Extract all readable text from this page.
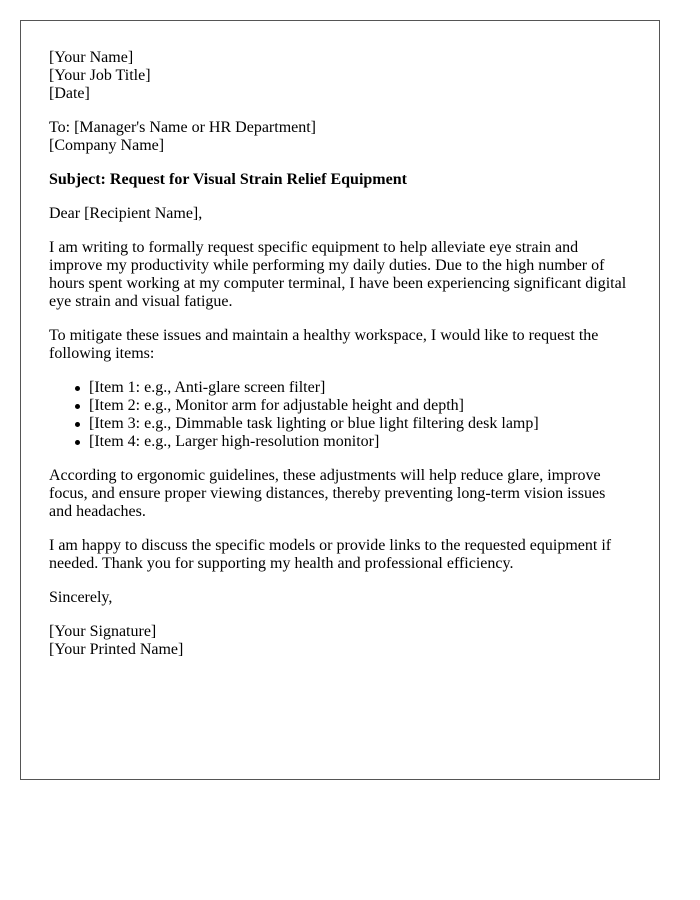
[Your Name]
[Your Job Title]
[Date]
To: [Manager's Name or HR Department]
[Company Name]
Subject: Request for Visual Strain Relief Equipment

Dear [Recipient Name],

I am writing to formally request specific equipment to help alleviate eye strain and improve my productivity while performing my daily duties. Due to the high number of hours spent working at my computer terminal, I have been experiencing significant digital eye strain and visual fatigue.

To mitigate these issues and maintain a healthy workspace, I would like to request the following items:

[Item 1: e.g., Anti-glare screen filter]
[Item 2: e.g., Monitor arm for adjustable height and depth]
[Item 3: e.g., Dimmable task lighting or blue light filtering desk lamp]
[Item 4: e.g., Larger high-resolution monitor]

According to ergonomic guidelines, these adjustments will help reduce glare, improve focus, and ensure proper viewing distances, thereby preventing long-term vision issues and headaches.

I am happy to discuss the specific models or provide links to the requested equipment if needed. Thank you for supporting my health and professional efficiency.

Sincerely,

[Your Signature]
[Your Printed Name]
